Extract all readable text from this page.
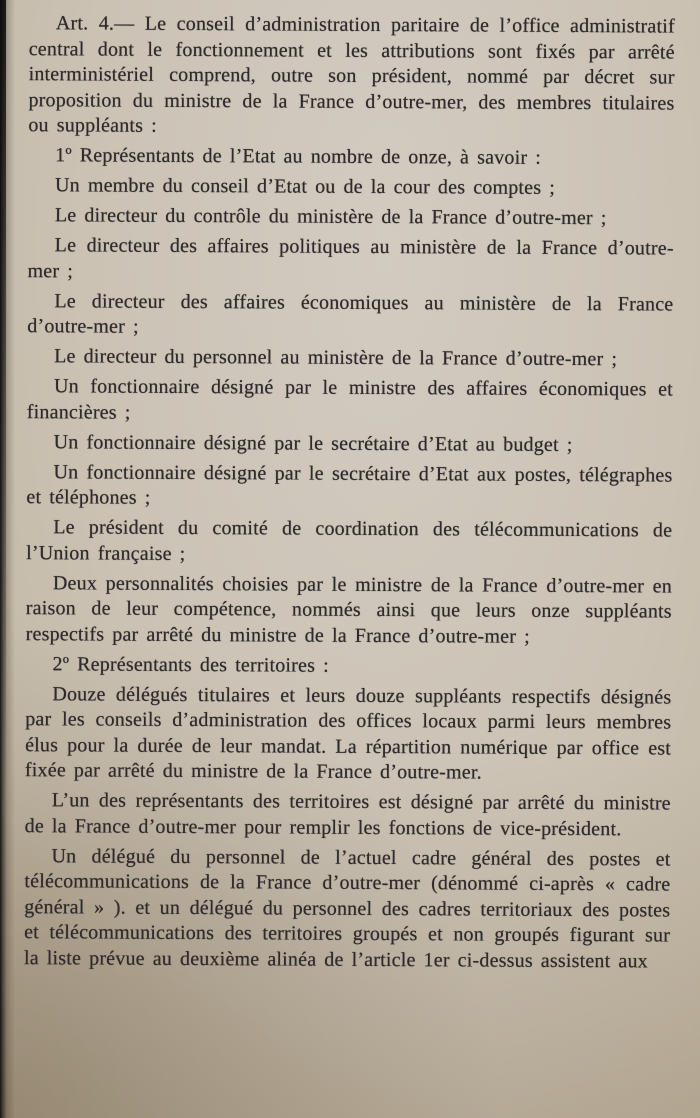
Art. 4.— Le conseil d’administration paritaire de l’office administratif central dont le fonctionnement et les attributions sont fixés par arrêté interministériel comprend, outre son président, nommé par décret sur proposition du ministre de la France d’outre-mer, des membres titulaires ou suppléants :

1º Représentants de l’Etat au nombre de onze, à savoir :

Un membre du conseil d’Etat ou de la cour des comptes ;

Le directeur du contrôle du ministère de la France d’outre-mer ;

Le directeur des affaires politiques au ministère de la France d’outre-mer ;

Le directeur des affaires économiques au ministère de la France d’outre-mer ;

Le directeur du personnel au ministère de la France d’outre-mer ;

Un fonctionnaire désigné par le ministre des affaires économiques et financières ;

Un fonctionnaire désigné par le secrétaire d’Etat au budget ;

Un fonctionnaire désigné par le secrétaire d’Etat aux postes, télégraphes et téléphones ;

Le président du comité de coordination des télécommunications de l’Union française ;

Deux personnalités choisies par le ministre de la France d’outre-mer en raison de leur compétence, nommés ainsi que leurs onze suppléants respectifs par arrêté du ministre de la France d’outre-mer ;

2º Représentants des territoires :

Douze délégués titulaires et leurs douze suppléants respectifs désignés par les conseils d’administration des offices locaux parmi leurs membres élus pour la durée de leur mandat. La répartition numérique par office est fixée par arrêté du ministre de la France d’outre-mer.

L’un des représentants des territoires est désigné par arrêté du ministre de la France d’outre-mer pour remplir les fonctions de vice-président.

Un délégué du personnel de l’actuel cadre général des postes et télécommunications de la France d’outre-mer (dénommé ci-après « cadre général » ). et un délégué du personnel des cadres territoriaux des postes et télécommunications des territoires groupés et non groupés figurant sur la liste prévue au deuxième alinéa de l’article 1er ci-dessus assistent aux
